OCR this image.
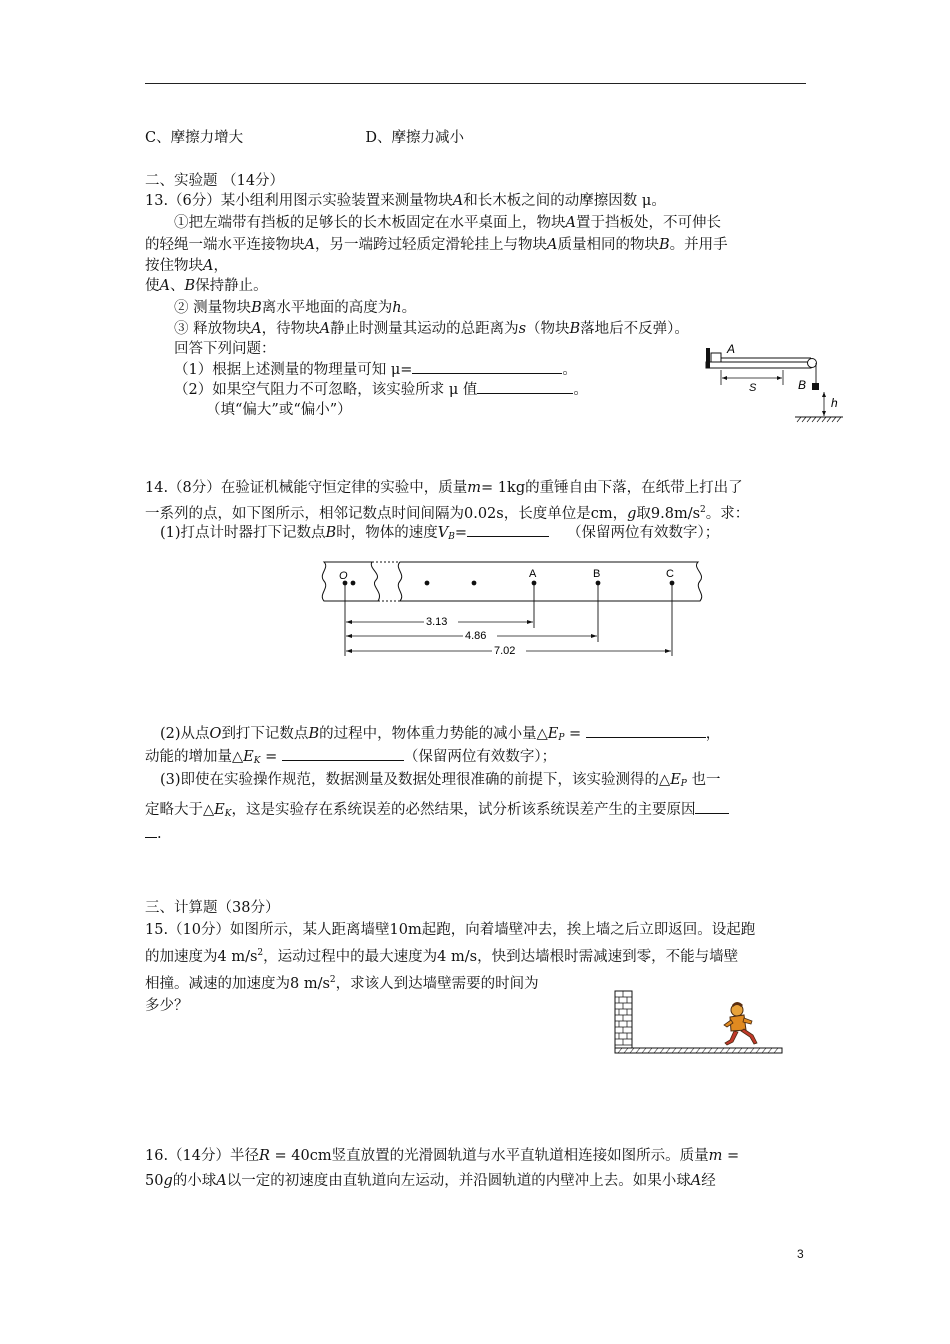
C、摩擦力增大	D、摩擦力减小
二、实验题 （14分）
13.（6分）某小组利用图示实验装置来测量物块A和长木板之间的动摩擦因数 μ。
①把左端带有挡板的足够长的长木板固定在水平桌面上，物块A置于挡板处，不可伸长
的轻绳一端水平连接物块A，另一端跨过轻质定滑轮挂上与物块A质量相同的物块B。并用手
按住物块A，
使A、B保持静止。
② 测量物块B离水平地面的高度为h。
③ 释放物块A，待物块A静止时测量其运动的总距离为s（物块B落地后不反弹）。
回答下列问题：
（1）根据上述测量的物理量可知 μ=	。
（2）如果空气阻力不可忽略，该实验所求 μ 值	。
（填“偏大”或“偏小”）
A
S	B
h
14.（8分）在验证机械能守恒定律的实验中，质量m= 1kg的重锤自由下落，在纸带上打出了
一系列的点，如下图所示，相邻记数点时间间隔为0.02s，长度单位是cm，g取$9.8m/s^2$。求：
(1)打点计时器打下记数点B时，物体的速度$V_B=$	（保留两位有效数字）；
O	A	B	C
3.13
4.86
7.02
(2)从点O到打下记数点B的过程中，物体重力势能的减小量$\triangle E_P$ =	，
动能的增加量$\triangle E_K$ =	（保留两位有效数字）；
(3)即使在实验操作规范，数据测量及数据处理很准确的前提下，该实验测得的$\triangle E_P$ 也一
定略大于$\triangle E_K$，这是实验存在系统误差的必然结果，试分析该系统误差产生的主要原因
.
三、计算题（38分）
15.（10分）如图所示，某人距离墙壁10m起跑，向着墙壁冲去，挨上墙之后立即返回。设起跑
的加速度为4 $m/s^2$，运动过程中的最大速度为4 m/s，快到达墙根时需减速到零，不能与墙壁
相撞。减速的加速度为8 $m/s^2$，求该人到达墙壁需要的时间为
多少？
16.（14分）半径R = 40cm竖直放置的光滑圆轨道与水平直轨道相连接如图所示。质量m =
50g的小球A以一定的初速度由直轨道向左运动，并沿圆轨道的内壁冲上去。如果小球A经
3
